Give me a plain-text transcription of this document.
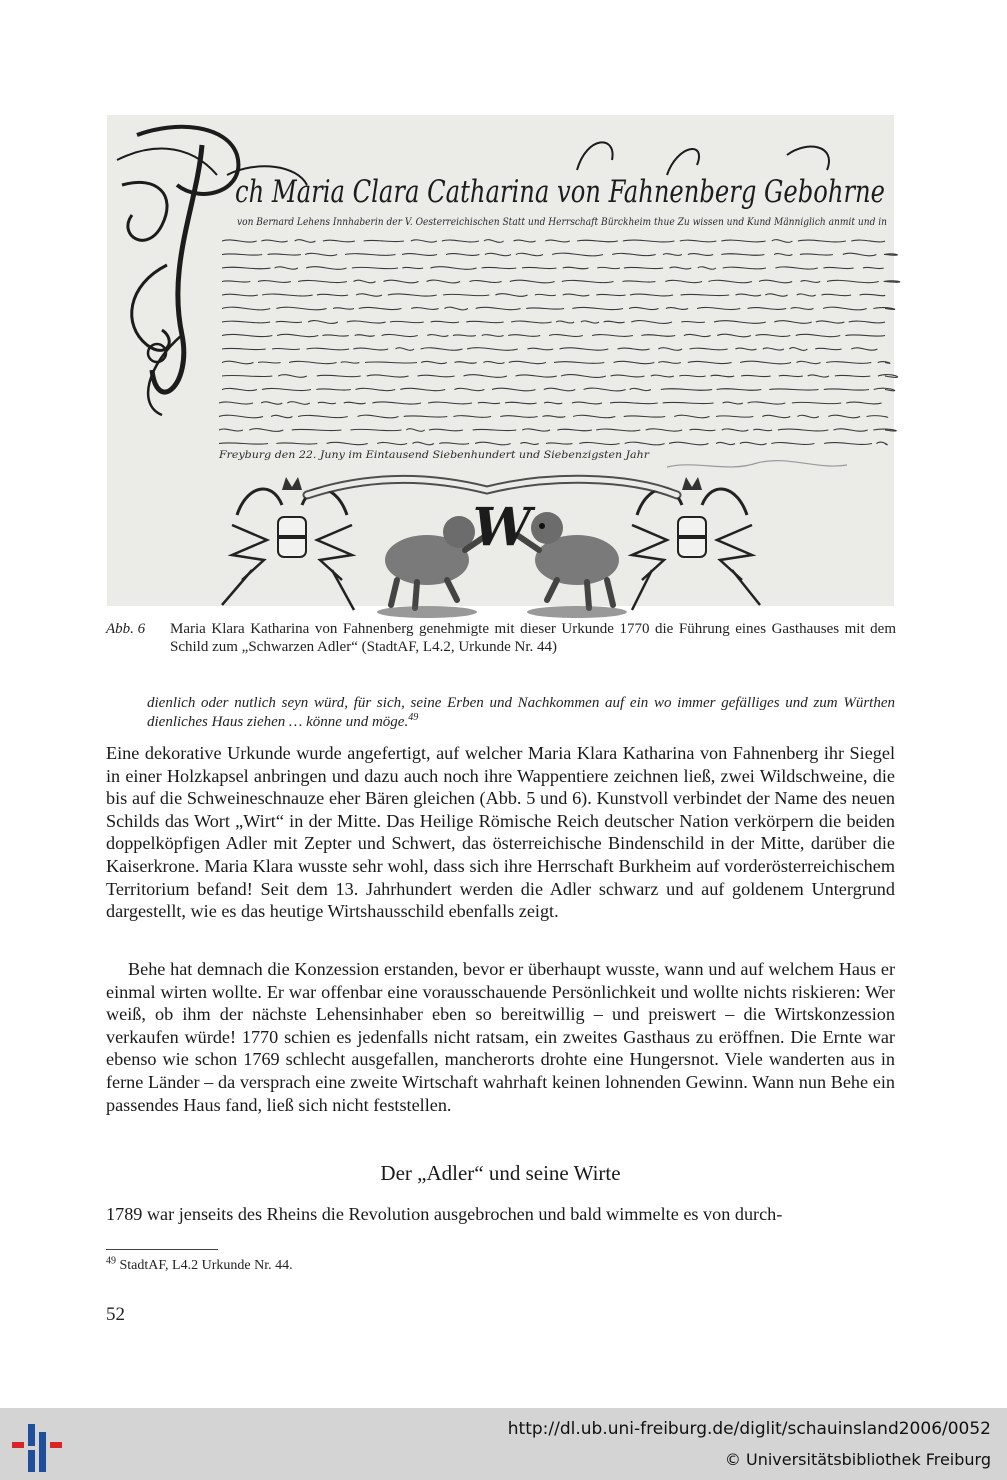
ch Maria Clara Catharina von Fahnenberg Gebohrne
von Bernard Lehens Innhaberin der V. Oesterreichischen Statt und Herrschaft Bürckheim thue Zu wissen und Kund Männiglich anmit und in
Freyburg den 22. Juny im Eintausend Siebenhundert und Siebenzigsten Jahr
W
Abb. 6 Maria Klara Katharina von Fahnenberg genehmigte mit dieser Urkunde 1770 die Führung eines Gasthauses mit dem Schild zum „Schwarzen Adler“ (StadtAF, L4.2, Urkunde Nr. 44)
dienlich oder nutlich seyn würd, für sich, seine Erben und Nachkommen auf ein wo immer gefälliges und zum Würthen dienliches Haus ziehen … könne und möge.$^{49}$
Eine dekorative Urkunde wurde angefertigt, auf welcher Maria Klara Katharina von Fahnenberg ihr Siegel in einer Holzkapsel anbringen und dazu auch noch ihre Wappentiere zeichnen ließ, zwei Wildschweine, die bis auf die Schweineschnauze eher Bären gleichen (Abb. 5 und 6). Kunstvoll verbindet der Name des neuen Schilds das Wort „Wirt“ in der Mitte. Das Heilige Römische Reich deutscher Nation verkörpern die beiden doppelköpfigen Adler mit Zepter und Schwert, das österreichische Bindenschild in der Mitte, darüber die Kaiserkrone. Maria Klara wusste sehr wohl, dass sich ihre Herrschaft Burkheim auf vorderösterreichischem Territorium befand! Seit dem 13. Jahrhundert werden die Adler schwarz und auf goldenem Untergrund dargestellt, wie es das heutige Wirtshausschild ebenfalls zeigt.
Behe hat demnach die Konzession erstanden, bevor er überhaupt wusste, wann und auf welchem Haus er einmal wirten wollte. Er war offenbar eine vorausschauende Persönlichkeit und wollte nichts riskieren: Wer weiß, ob ihm der nächste Lehensinhaber eben so bereitwillig – und preiswert – die Wirtskonzession verkaufen würde! 1770 schien es jedenfalls nicht ratsam, ein zweites Gasthaus zu eröffnen. Die Ernte war ebenso wie schon 1769 schlecht ausgefallen, mancherorts drohte eine Hungersnot. Viele wanderten aus in ferne Länder – da versprach eine zweite Wirtschaft wahrhaft keinen lohnenden Gewinn. Wann nun Behe ein passendes Haus fand, ließ sich nicht feststellen.
Der „Adler“ und seine Wirte
1789 war jenseits des Rheins die Revolution ausgebrochen und bald wimmelte es von durch-
$^{49}$ StadtAF, L4.2 Urkunde Nr. 44.
52
http://dl.ub.uni-freiburg.de/diglit/schauinsland2006/0052
© Universitätsbibliothek Freiburg
